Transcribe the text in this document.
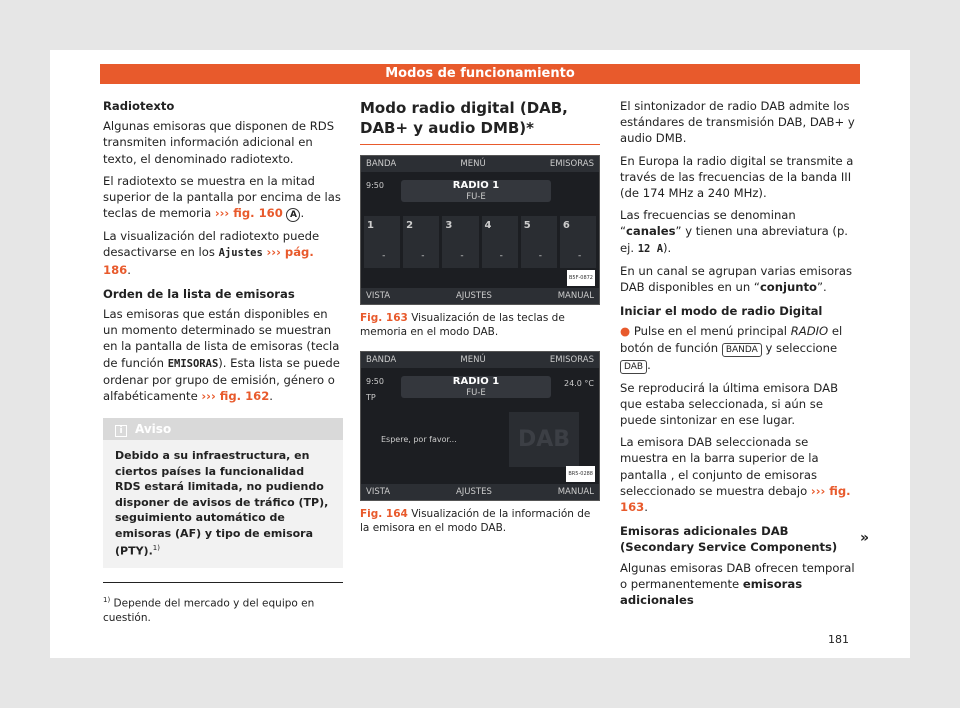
Modos de funcionamiento
Radiotexto

Algunas emisoras que disponen de RDS transmiten información adicional en texto, el denominado radiotexto.

El radiotexto se muestra en la mitad superior de la pantalla por encima de las teclas de memoria ››› fig. 160 A .

La visualización del radiotexto puede desactivarse en los Ajustes ››› pág. 186.

Orden de la lista de emisoras

Las emisoras que están disponibles en un momento determinado se muestran en la pantalla de lista de emisoras (tecla de función EMISORAS). Esta lista se puede ordenar por grupo de emisión, género o alfabéticamente ››› fig. 162.

i Aviso
Debido a su infraestructura, en ciertos países la funcionalidad RDS estará limitada, no pudiendo disponer de avisos de tráfico (TP), seguimiento automático de emisoras (AF) y tipo de emisora (PTY).$^{1)}$
Modo radio digital (DAB, DAB+ y audio DMB)*
BANDA	MENÚ	EMISORAS
9:50	RADIO 1
FU-E
1
-
2
-
3
-
4
-
5
-
6
-
B5F-0872
VISTA	AJUSTES	MANUAL
Fig. 163 Visualización de las teclas de memoria en el modo DAB.
BANDA	MENÚ	EMISORAS
9:50
TP
RADIO 1
FU-E
24.0 °C
Espere, por favor...	DAB
BR5-0288
VISTA	AJUSTES	MANUAL
Fig. 164 Visualización de la información de la emisora en el modo DAB.

El sintonizador de radio DAB admite los estándares de transmisión DAB, DAB+ y audio DMB.

En Europa la radio digital se transmite a través de las frecuencias de la banda III (de 174 MHz a 240 MHz).

Las frecuencias se denominan “canales” y tienen una abreviatura (p. ej. 12 A).

En un canal se agrupan varias emisoras DAB disponibles en un “conjunto”.

Iniciar el modo de radio Digital

● Pulse en el menú principal RADIO el botón de función BANDA y seleccione DAB .

Se reproducirá la última emisora DAB que estaba seleccionada, si aún se puede sintonizar en ese lugar.

La emisora DAB seleccionada se muestra en la barra superior de la pantalla , el conjunto de emisoras seleccionado se muestra debajo ››› fig. 163.

Emisoras adicionales DAB (Secondary Service Components)

Algunas emisoras DAB ofrecen temporal o permanentemente emisoras adicionales

»
$^{1)}$ Depende del mercado y del equipo en cuestión.
181
